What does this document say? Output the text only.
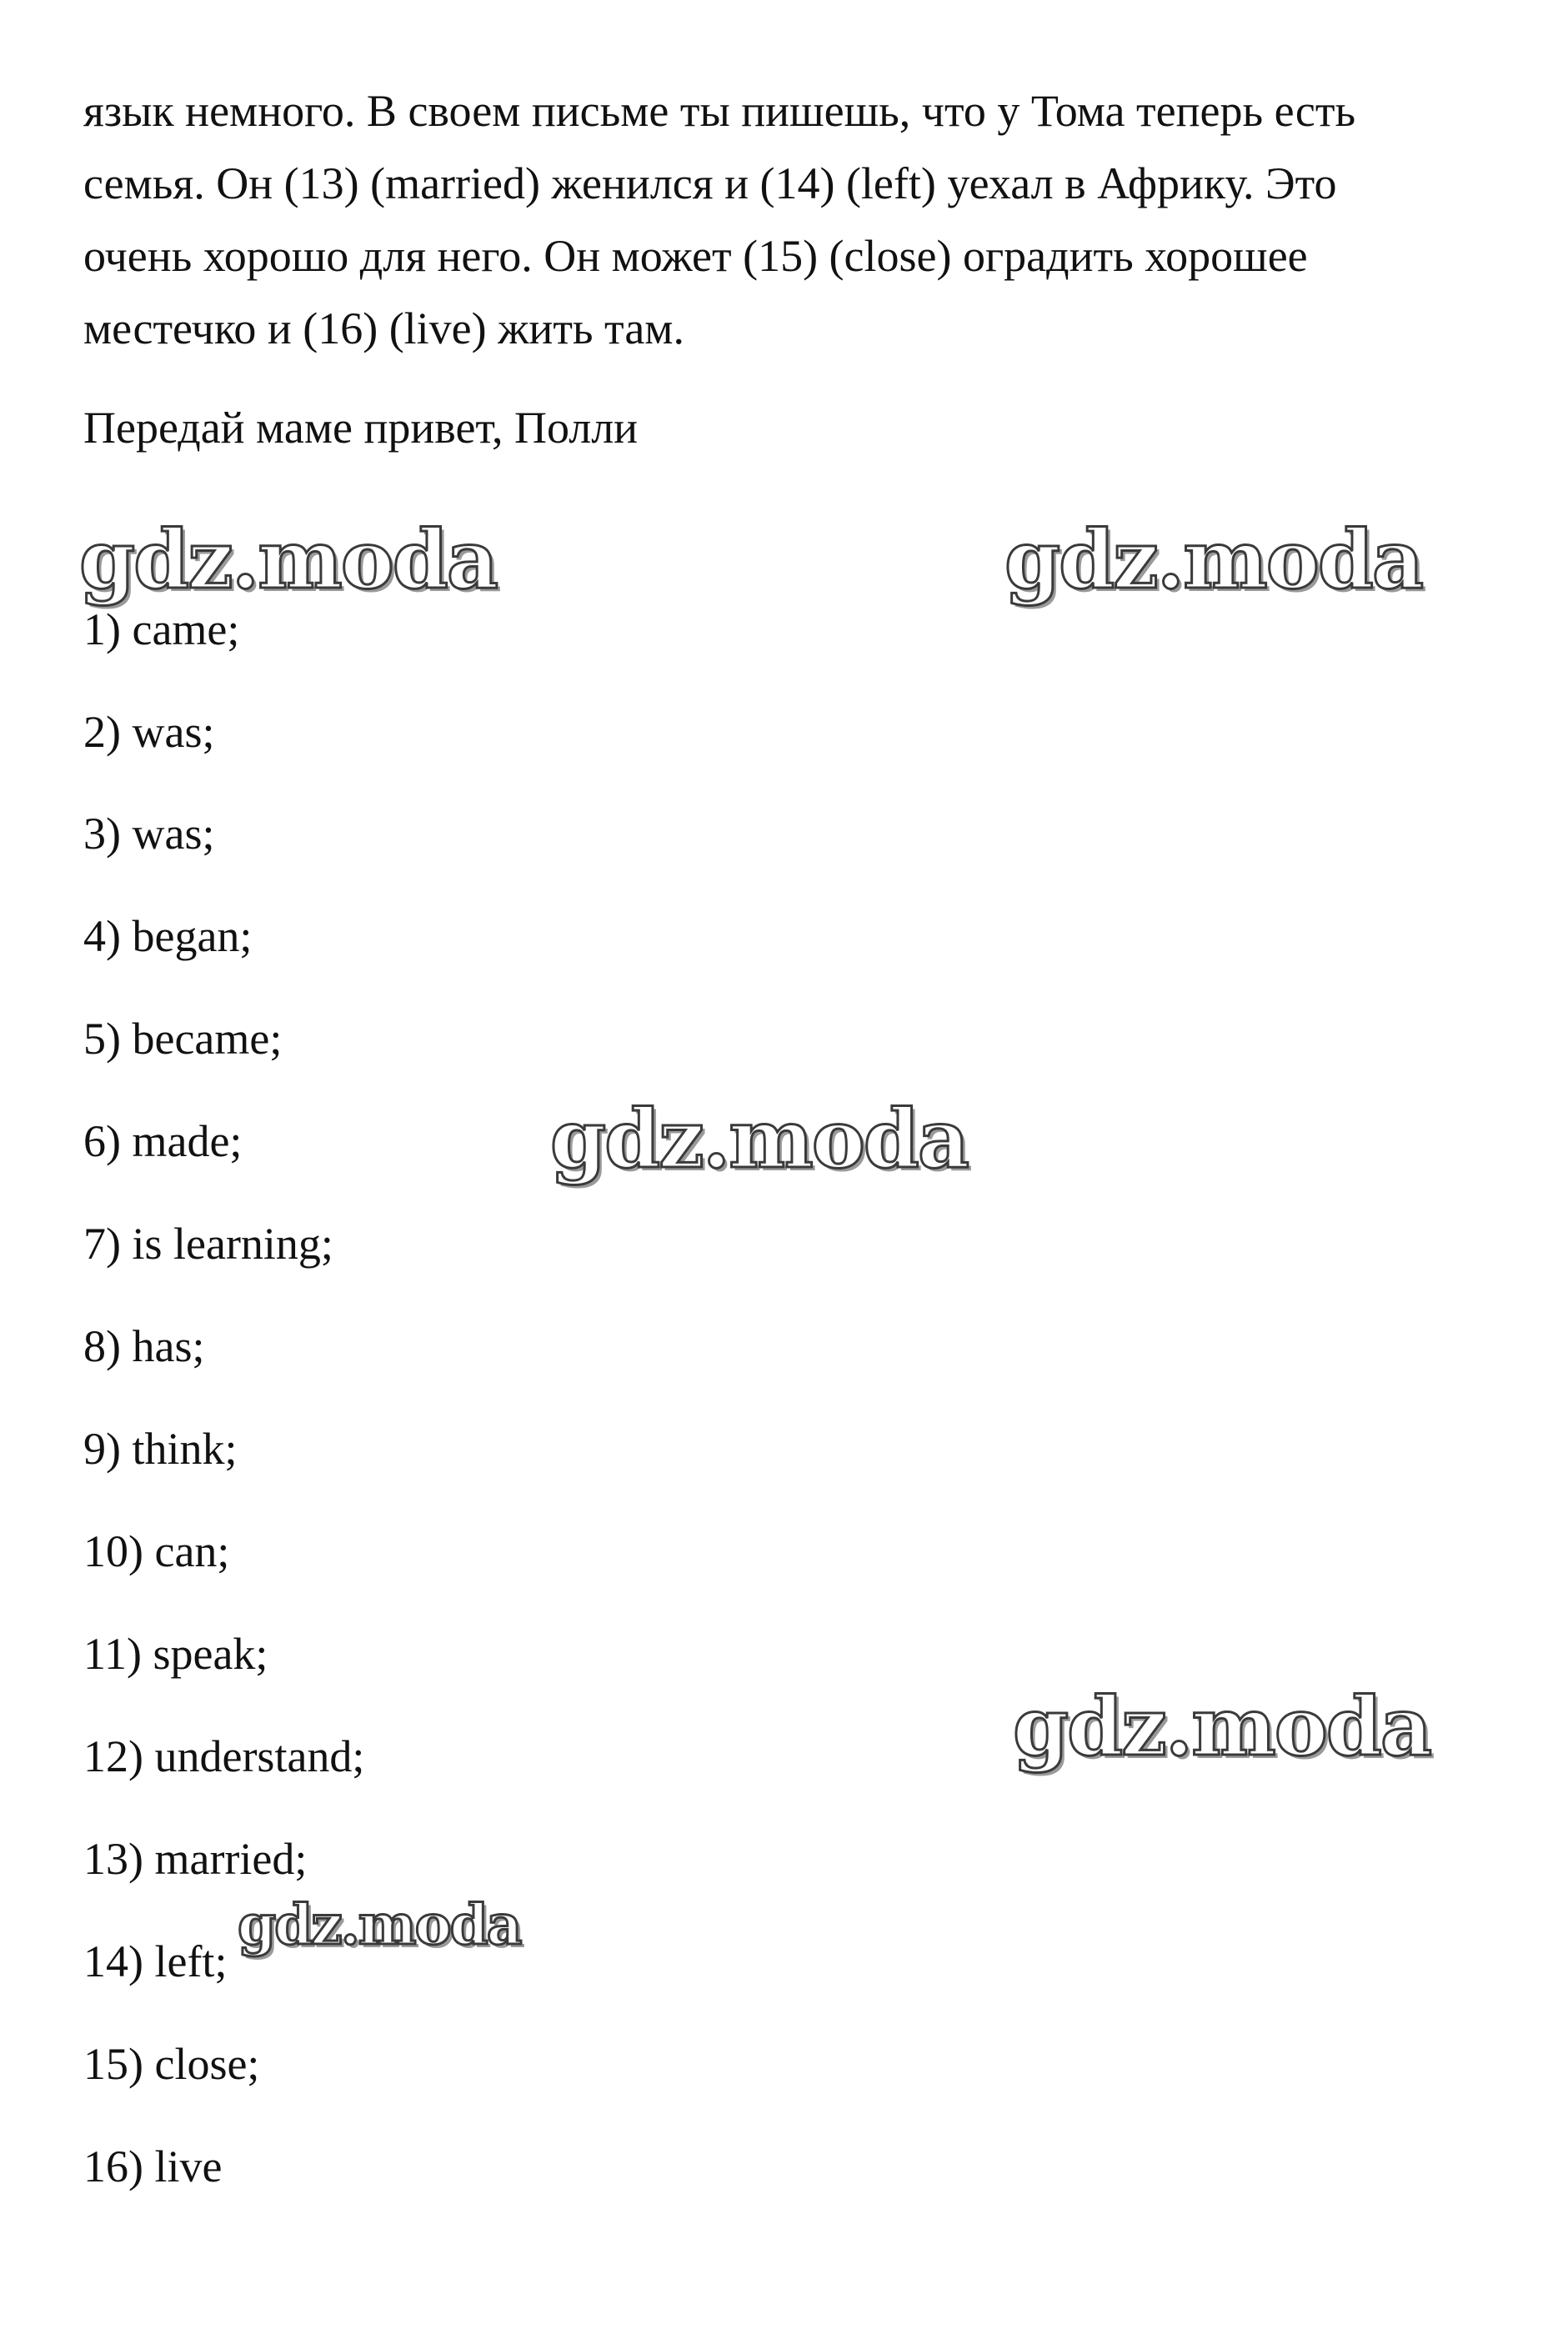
язык немного. В своем письме ты пишешь, что у Тома теперь есть
семья. Он (13) (married) женился и (14) (left) уехал в Африку. Это
очень хорошо для него. Он может (15) (close) оградить хорошее
местечко и (16) (live) жить там.
Передай маме привет, Полли
1) came;
2) was;
3) was;
4) began;
5) became;
6) made;
7) is learning;
8) has;
9) think;
10) can;
11) speak;
12) understand;
13) married;
14) left;
15) close;
16) live
gdz.moda	gdz.moda
gdz.moda
gdz.moda
gdz.moda
